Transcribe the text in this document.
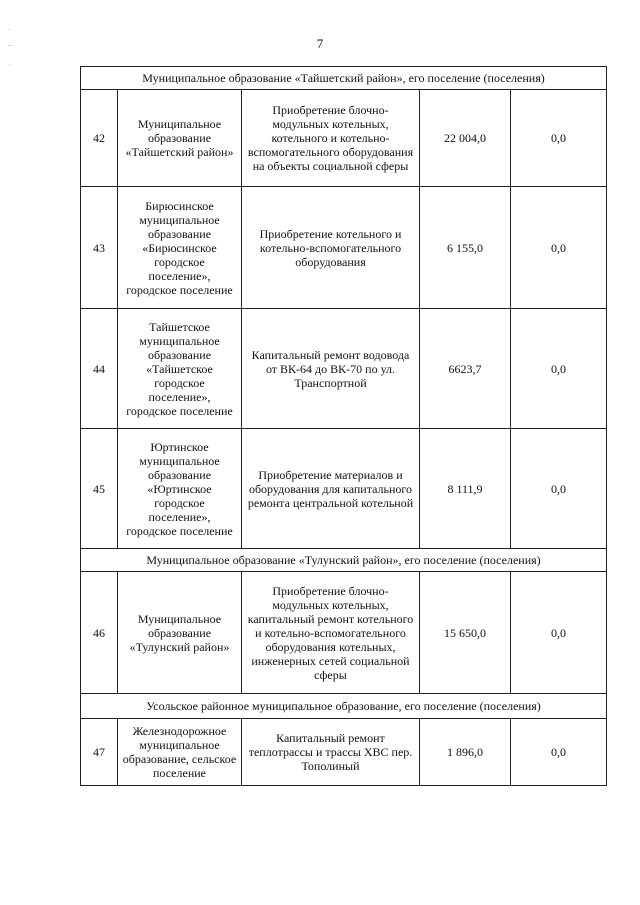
7
.
–
·
Муниципальное образование «Тайшетский район», его поселение (поселения)				
42	Муниципальное образование «Тайшетский район»	Приобретение блочно-модульных котельных, котельного и котельно-вспомогательного оборудования на объекты социальной сферы	22 004,0	0,0
43	Бирюсинское муниципальное образование «Бирюсинское городское поселение», городское поселение	Приобретение котельного и котельно-вспомогательного оборудования	6 155,0	0,0
44	Тайшетское муниципальное образование «Тайшетское городское поселение», городское поселение	Капитальный ремонт водовода от ВК-64 до ВК-70 по ул. Транспортной	6623,7	0,0
45	Юртинское муниципальное образование «Юртинское городское поселение», городское поселение	Приобретение материалов и оборудования для капитального ремонта центральной котельной	8 111,9	0,0
Муниципальное образование «Тулунский район», его поселение (поселения)				
46	Муниципальное образование «Тулунский район»	Приобретение блочно-модульных котельных, капитальный ремонт котельного и котельно-вспомогательного оборудования котельных, инженерных сетей социальной сферы	15 650,0	0,0
Усольское районное муниципальное образование, его поселение (поселения)				
47	Железнодорожное муниципальное образование, сельское поселение	Капитальный ремонт теплотрассы и трассы ХВС пер. Тополиный	1 896,0	0,0
